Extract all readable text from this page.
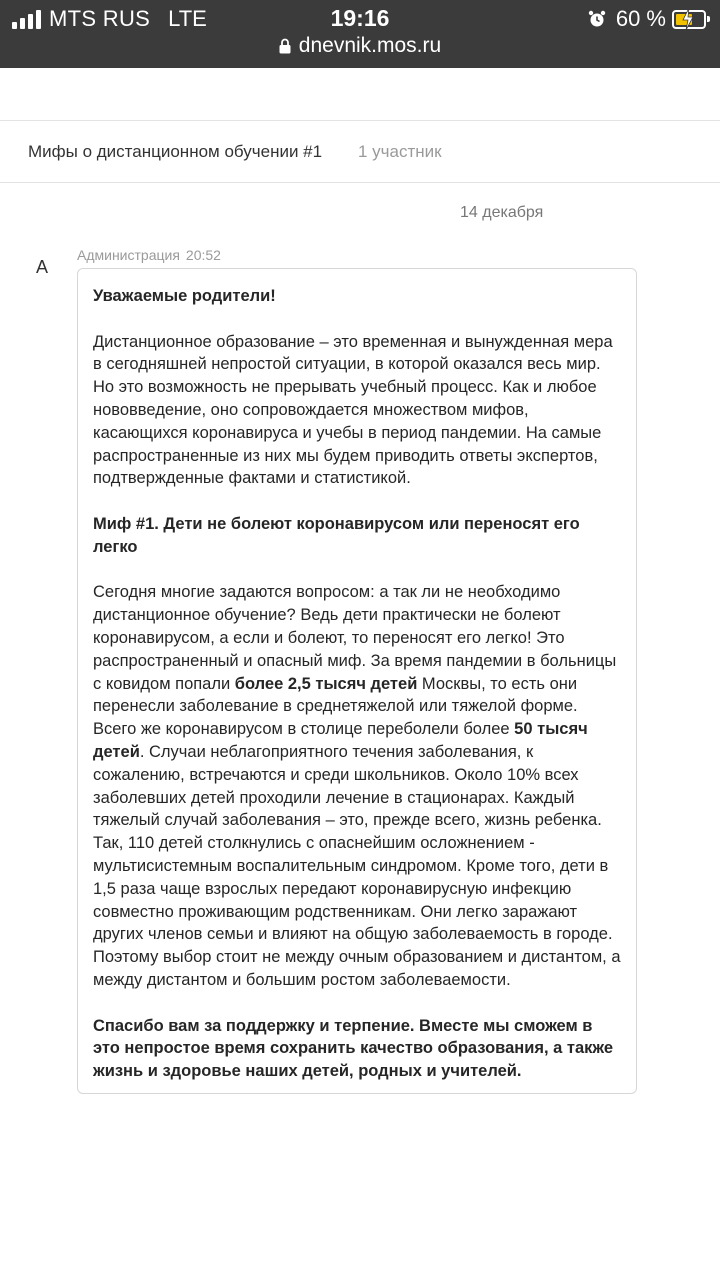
MTS RUS LTE	19:16	60 %
dnevnik.mos.ru
Мифы о дистанционном обучении #1 1 участник
14 декабря
А
Администрация 20:52

Уважаемые родители!

Дистанционное образование – это временная и вынужденная мера в сегодняшней непростой ситуации, в которой оказался весь мир. Но это возможность не прерывать учебный процесс. Как и любое нововведение, оно сопровождается множеством мифов, касающихся коронавируса и учебы в период пандемии. На самые распространенные из них мы будем приводить ответы экспертов, подтвержденные фактами и статистикой.

Миф #1. Дети не болеют коронавирусом или переносят его легко

Сегодня многие задаются вопросом: а так ли не необходимо дистанционное обучение? Ведь дети практически не болеют коронавирусом, а если и болеют, то переносят его легко! Это распространенный и опасный миф. За время пандемии в больницы с ковидом попали более 2,5 тысяч детей Москвы, то есть они перенесли заболевание в среднетяжелой или тяжелой форме. Всего же коронавирусом в столице переболели более 50 тысяч детей. Случаи неблагоприятного течения заболевания, к сожалению, встречаются и среди школьников. Около 10% всех заболевших детей проходили лечение в стационарах. Каждый тяжелый случай заболевания – это, прежде всего, жизнь ребенка. Так, 110 детей столкнулись с опаснейшим осложнением - мультисистемным воспалительным синдромом. Кроме того, дети в 1,5 раза чаще взрослых передают коронавирусную инфекцию совместно проживающим родственникам. Они легко заражают других членов семьи и влияют на общую заболеваемость в городе. Поэтому выбор стоит не между очным образованием и дистантом, а между дистантом и большим ростом заболеваемости.

Спасибо вам за поддержку и терпение. Вместе мы сможем в это непростое время сохранить качество образования, а также жизнь и здоровье наших детей, родных и учителей.
